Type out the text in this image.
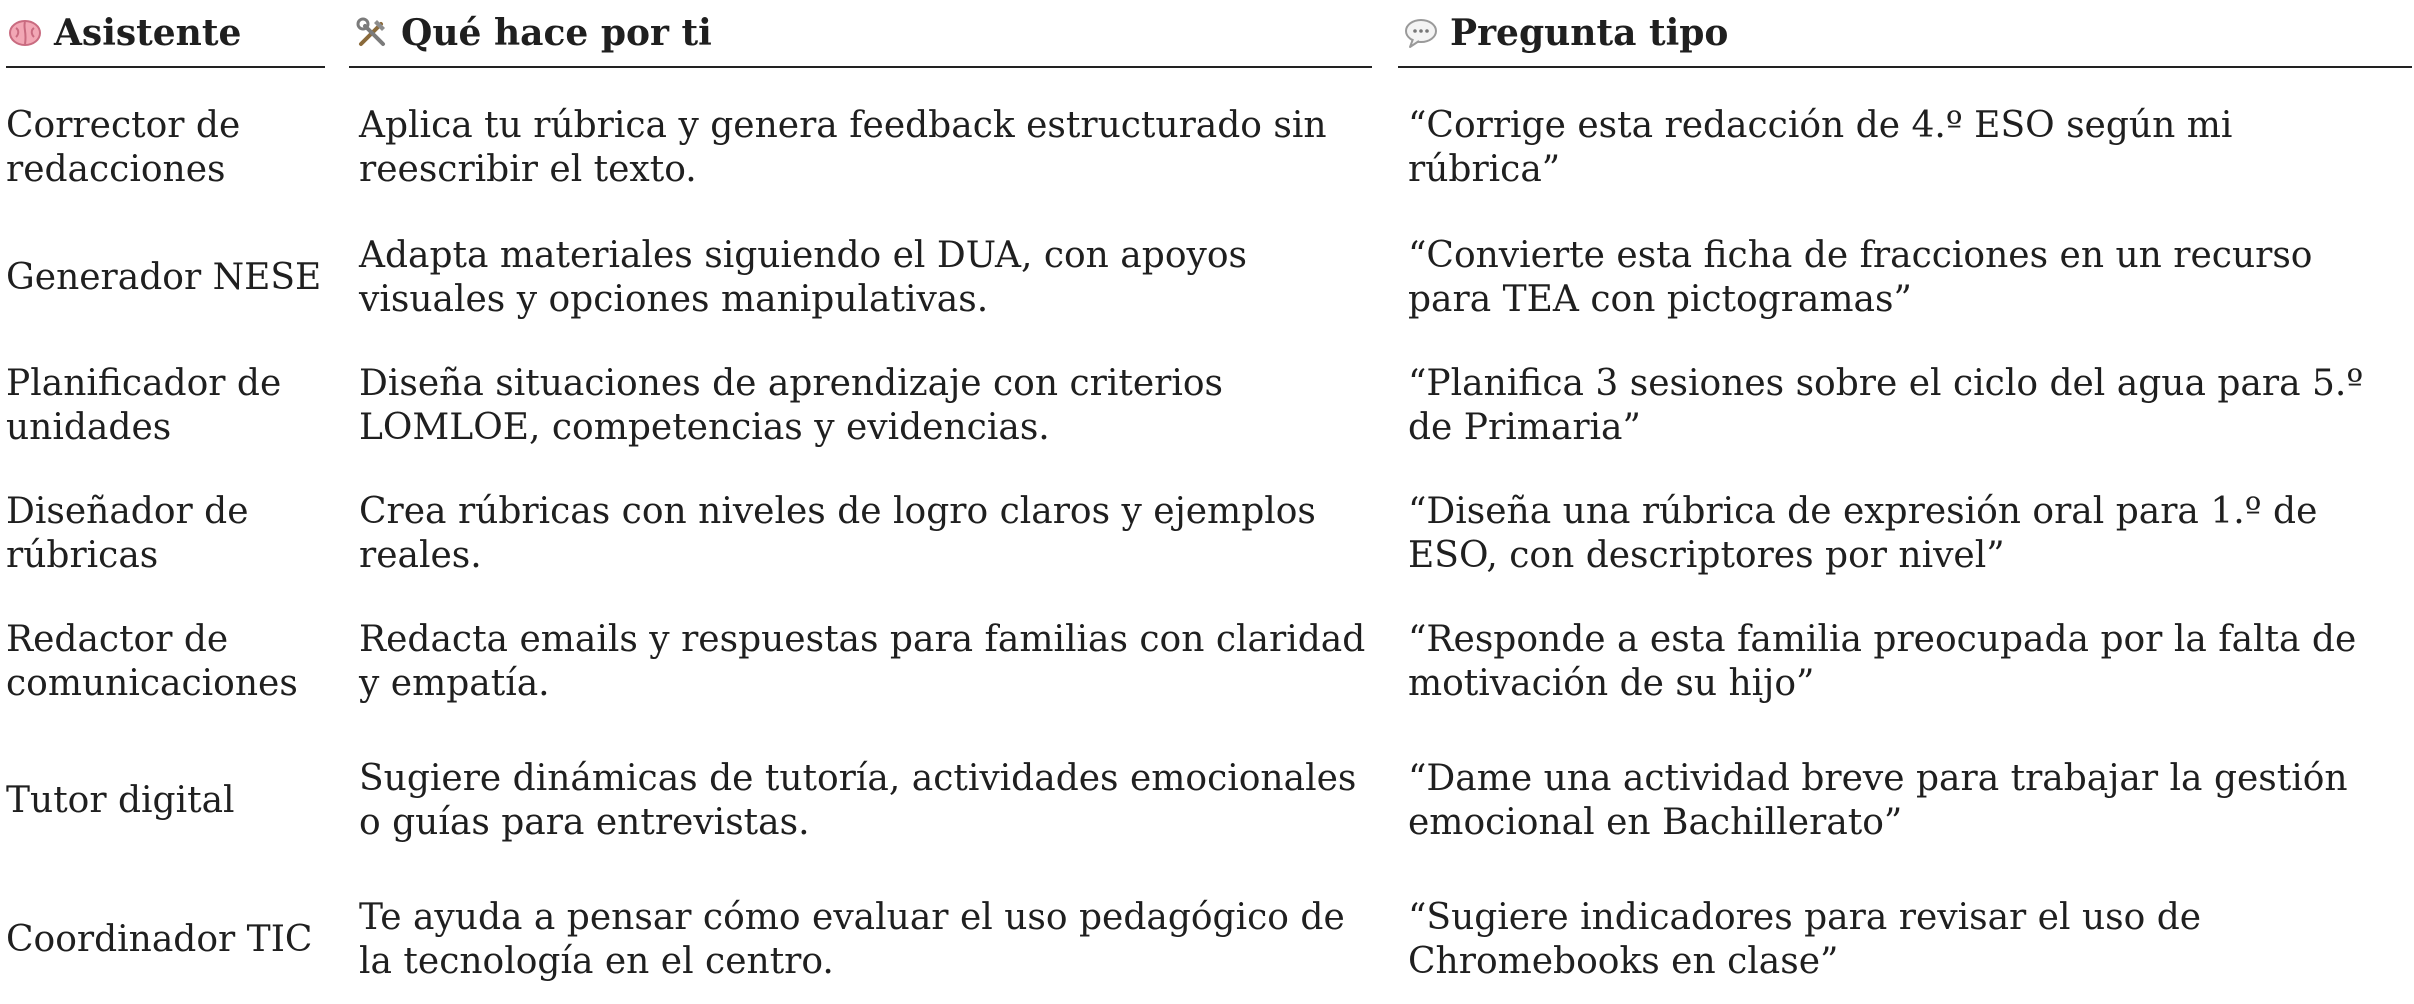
Asistente	Qué hace por ti	Pregunta tipo

Corrector de redacciones	Aplica tu rúbrica y genera feedback estructurado sin reescribir el texto.	“Corrige esta redacción de 4.º ESO según mi rúbrica”

Generador NESE	Adapta materiales siguiendo el DUA, con apoyos visuales y opciones manipulativas.	“Convierte esta ficha de fracciones en un recurso para TEA con pictogramas”

Planificador de unidades	Diseña situaciones de aprendizaje con criterios LOMLOE, competencias y evidencias.	“Planifica 3 sesiones sobre el ciclo del agua para 5.º de Primaria”

Diseñador de rúbricas	Crea rúbricas con niveles de logro claros y ejemplos reales.	“Diseña una rúbrica de expresión oral para 1.º de ESO, con descriptores por nivel”

Redactor de comunicaciones	Redacta emails y respuestas para familias con claridad y empatía.	“Responde a esta familia preocupada por la falta de motivación de su hijo”

Tutor digital	Sugiere dinámicas de tutoría, actividades emocionales o guías para entrevistas.	“Dame una actividad breve para trabajar la gestión emocional en Bachillerato”

Coordinador TIC	Te ayuda a pensar cómo evaluar el uso pedagógico de la tecnología en el centro.	“Sugiere indicadores para revisar el uso de Chromebooks en clase”
